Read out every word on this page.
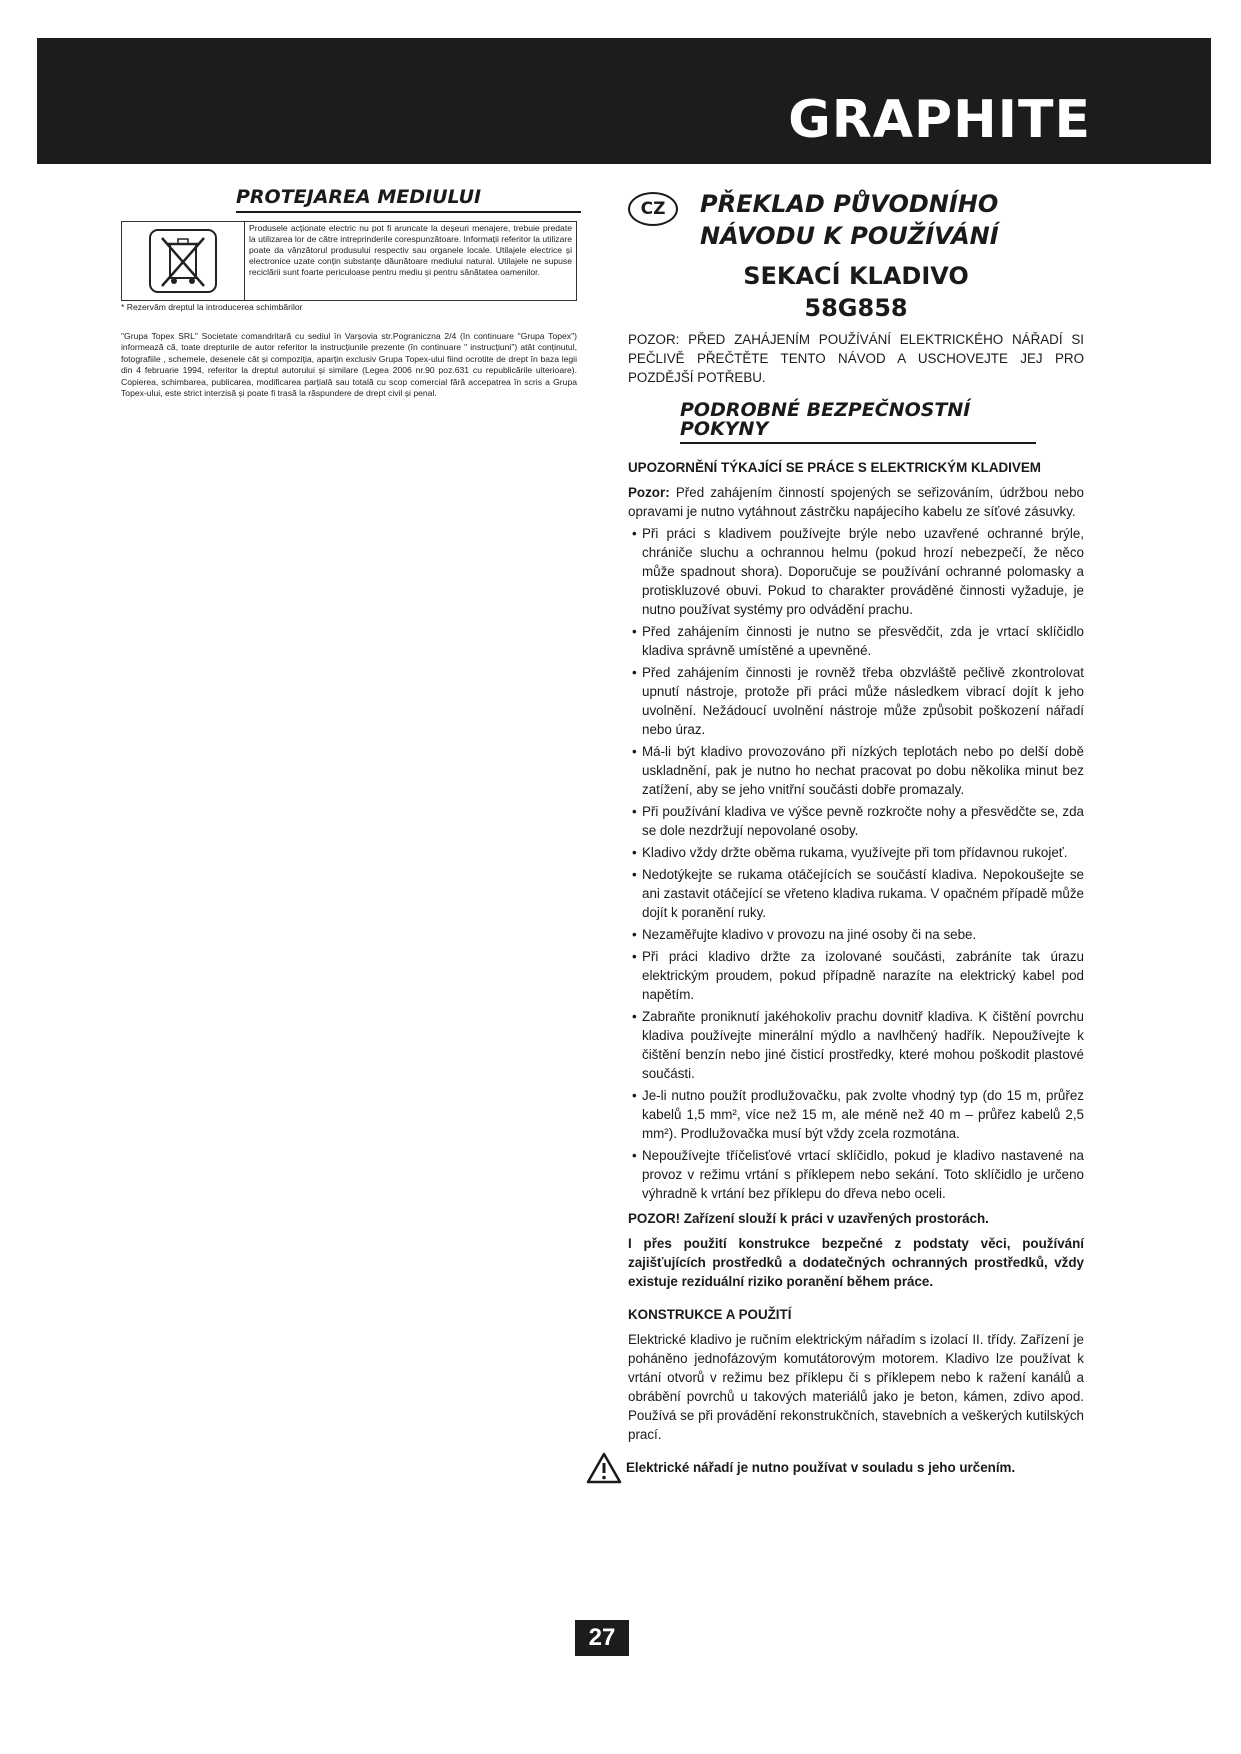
GRAPHITE
PROTEJAREA MEDIULUI
Produsele acționate electric nu pot fi aruncate la deșeuri menajere, trebuie predate la utilizarea lor de către intreprinderile corespunzătoare. Informații referitor la utilizare poate da vânzătorul produsului respectiv sau organele locale. Utilajele electrice și electronice uzate conțin substanțe dăunătoare mediului natural. Utilajele ne supuse reciclării sunt foarte periculoase pentru mediu și pentru sănătatea oamenilor.
* Rezervăm dreptul la introducerea schimbărilor
"Grupa Topex SRL" Societate comandritară cu sediul în Varșovia str.Pograniczna 2/4 (în continuare "Grupa Topex") informează că, toate drepturile de autor referitor la instrucțiunile prezente (în continuare " instrucțiuni") atât conținutul, fotografiile , schemele, desenele cât și compoziția, aparțin exclusiv Grupa Topex-ului fiind ocrotite de drept în baza legii din 4 februarie 1994, referitor la dreptul autorului și similare (Legea 2006 nr.90 poz.631 cu republicările ulterioare). Copierea, schimbarea, publicarea, modificarea parțială sau totală cu scop comercial fără accepatrea în scris a Grupa Topex-ului, este strict interzisă și poate fi trasă la răspundere de drept civil și penal.
CZ	PŘEKLAD PŮVODNÍHO
NÁVODU K POUŽÍVÁNÍ
SEKACÍ KLADIVO
58G858

POZOR: PŘED ZAHÁJENÍM POUŽÍVÁNÍ ELEKTRICKÉHO NÁŘADÍ SI PEČLIVĚ PŘEČTĚTE TENTO NÁVOD A USCHOVEJTE JEJ PRO POZDĚJŠÍ POTŘEBU.

PODROBNÉ BEZPEČNOSTNÍ POKYNY

UPOZORNĚNÍ TÝKAJÍCÍ SE PRÁCE S ELEKTRICKÝM KLADIVEM

Pozor: Před zahájením činností spojených se seřizováním, údržbou nebo opravami je nutno vytáhnout zástrčku napájecího kabelu ze síťové zásuvky.

• Při práci s kladivem používejte brýle nebo uzavřené ochranné brýle, chrániče sluchu a ochrannou helmu (pokud hrozí nebezpečí, že něco může spadnout shora). Doporučuje se používání ochranné polomasky a protiskluzové obuvi. Pokud to charakter prováděné činnosti vyžaduje, je nutno používat systémy pro odvádění prachu.

• Před zahájením činnosti je nutno se přesvědčit, zda je vrtací sklíčidlo kladiva správně umístěné a upevněné.

• Před zahájením činnosti je rovněž třeba obzvláště pečlivě zkontrolovat upnutí nástroje, protože při práci může následkem vibrací dojít k jeho uvolnění. Nežádoucí uvolnění nástroje může způsobit poškození nářadí nebo úraz.

• Má-li být kladivo provozováno při nízkých teplotách nebo po delší době uskladnění, pak je nutno ho nechat pracovat po dobu několika minut bez zatížení, aby se jeho vnitřní součásti dobře promazaly.

• Při používání kladiva ve výšce pevně rozkročte nohy a přesvědčte se, zda se dole nezdržují nepovolané osoby.

• Kladivo vždy držte oběma rukama, využívejte při tom přídavnou rukojeť.

• Nedotýkejte se rukama otáčejících se součástí kladiva. Nepokoušejte se ani zastavit otáčející se vřeteno kladiva rukama. V opačném případě může dojít k poranění ruky.

• Nezaměřujte kladivo v provozu na jiné osoby či na sebe.

• Při práci kladivo držte za izolované součásti, zabráníte tak úrazu elektrickým proudem, pokud případně narazíte na elektrický kabel pod napětím.

• Zabraňte proniknutí jakéhokoliv prachu dovnitř kladiva. K čištění povrchu kladiva používejte minerální mýdlo a navlhčený hadřík. Nepoužívejte k čištění benzín nebo jiné čisticí prostředky, které mohou poškodit plastové součásti.

• Je-li nutno použít prodlužovačku, pak zvolte vhodný typ (do 15 m, průřez kabelů 1,5 mm², více než 15 m, ale méně než 40 m – průřez kabelů 2,5 mm²). Prodlužovačka musí být vždy zcela rozmotána.

• Nepoužívejte tříčelisťové vrtací sklíčidlo, pokud je kladivo nastavené na provoz v režimu vrtání s příklepem nebo sekání. Toto sklíčidlo je určeno výhradně k vrtání bez příklepu do dřeva nebo oceli.

POZOR! Zařízení slouží k práci v uzavřených prostorách.

I přes použití konstrukce bezpečné z podstaty věci, používání zajišťujících prostředků a dodatečných ochranných prostředků, vždy existuje reziduální riziko poranění během práce.

KONSTRUKCE A POUŽITÍ

Elektrické kladivo je ručním elektrickým nářadím s izolací II. třídy. Zařízení je poháněno jednofázovým komutátorovým motorem. Kladivo lze používat k vrtání otvorů v režimu bez příklepu či s příklepem nebo k ražení kanálů a obrábění povrchů u takových materiálů jako je beton, kámen, zdivo apod. Používá se při provádění rekonstrukčních, stavebních a veškerých kutilských prací.

Elektrické nářadí je nutno používat v souladu s jeho určením.
27
